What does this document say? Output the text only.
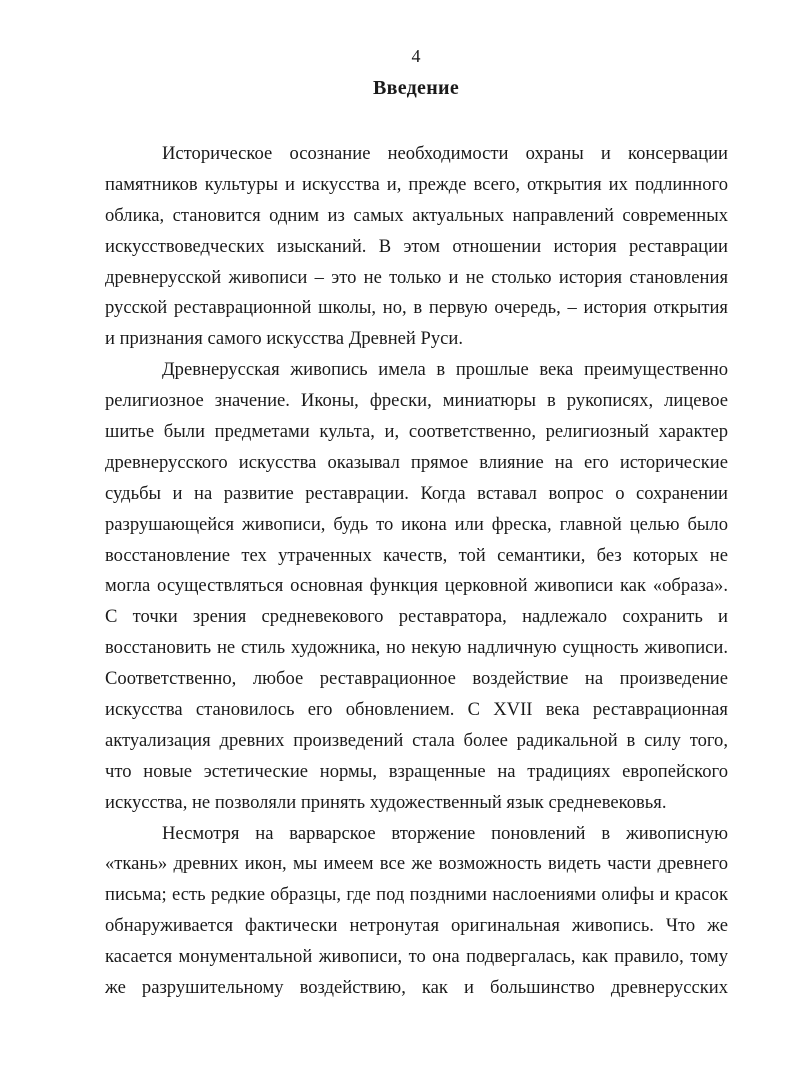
4
Введение
Историческое осознание необходимости охраны и консервации
памятников культуры и искусства и, прежде всего, открытия их подлинного
облика, становится одним из самых актуальных направлений современных
искусствоведческих изысканий. В этом отношении история реставрации
древнерусской живописи – это не только и не столько история становления
русской реставрационной школы, но, в первую очередь, – история открытия
и признания самого искусства Древней Руси.
Древнерусская живопись имела в прошлые века преимущественно
религиозное значение. Иконы, фрески, миниатюры в рукописях, лицевое
шитье были предметами культа, и, соответственно, религиозный характер
древнерусского искусства оказывал прямое влияние на его исторические
судьбы и на развитие реставрации. Когда вставал вопрос о сохранении
разрушающейся живописи, будь то икона или фреска, главной целью было
восстановление тех утраченных качеств, той семантики, без которых не
могла осуществляться основная функция церковной живописи как «образа».
С точки зрения средневекового реставратора, надлежало сохранить и
восстановить не стиль художника, но некую надличную сущность живописи.
Соответственно, любое реставрационное воздействие на произведение
искусства становилось его обновлением. С XVII века реставрационная
актуализация древних произведений стала более радикальной в силу того,
что новые эстетические нормы, взращенные на традициях европейского
искусства, не позволяли принять художественный язык средневековья.
Несмотря на варварское вторжение поновлений в живописную
«ткань» древних икон, мы имеем все же возможность видеть части древнего
письма; есть редкие образцы, где под поздними наслоениями олифы и красок
обнаруживается фактически нетронутая оригинальная живопись. Что же
касается монументальной живописи, то она подвергалась, как правило, тому
же разрушительному воздействию, как и большинство древнерусских
